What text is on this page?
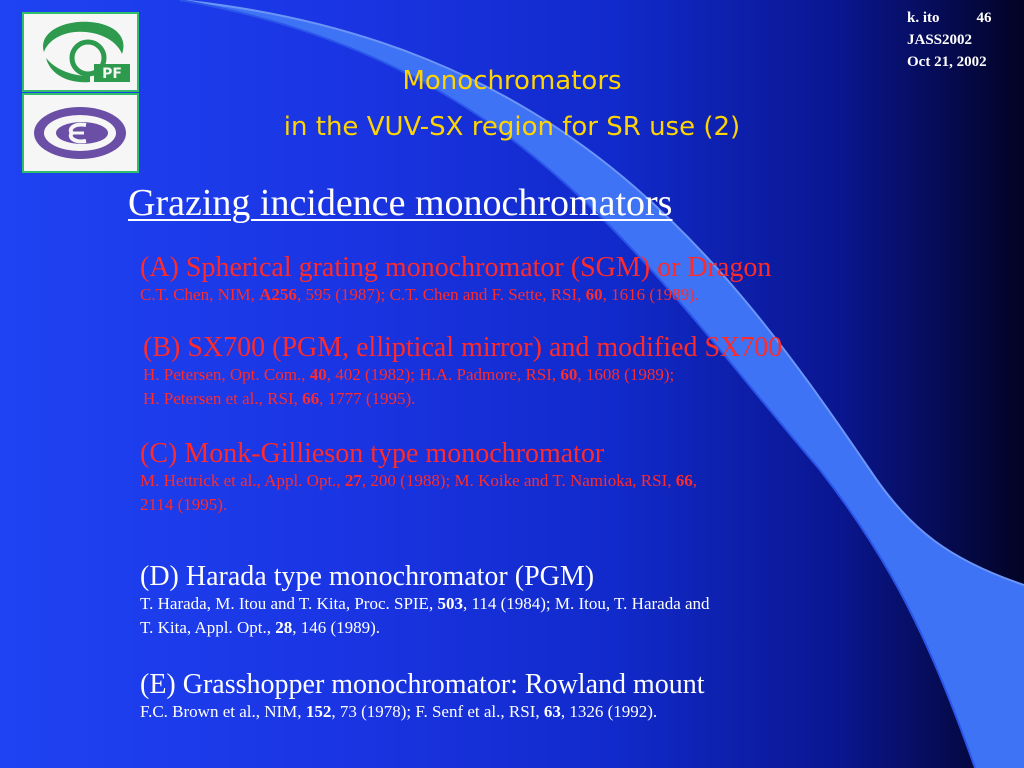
PF
k. ito 46
JASS2002
Oct 21, 2002
Monochromators
in the VUV-SX region for SR use (2)
Grazing incidence monochromators
(A) Spherical grating monochromator (SGM) or Dragon
C.T. Chen, NIM, A256, 595 (1987); C.T. Chen and F. Sette, RSI, 60, 1616 (1989).
(B) SX700 (PGM, elliptical mirror) and modified SX700
H. Petersen, Opt. Com., 40, 402 (1982); H.A. Padmore, RSI, 60, 1608 (1989);
H. Petersen et al., RSI, 66, 1777 (1995).
(C) Monk-Gillieson type monochromator
M. Hettrick et al., Appl. Opt., 27, 200 (1988); M. Koike and T. Namioka, RSI, 66,
2114 (1995).
(D) Harada type monochromator (PGM)
T. Harada, M. Itou and T. Kita, Proc. SPIE, 503, 114 (1984); M. Itou, T. Harada and
T. Kita, Appl. Opt., 28, 146 (1989).
(E) Grasshopper monochromator: Rowland mount
F.C. Brown et al., NIM, 152, 73 (1978); F. Senf et al., RSI, 63, 1326 (1992).
